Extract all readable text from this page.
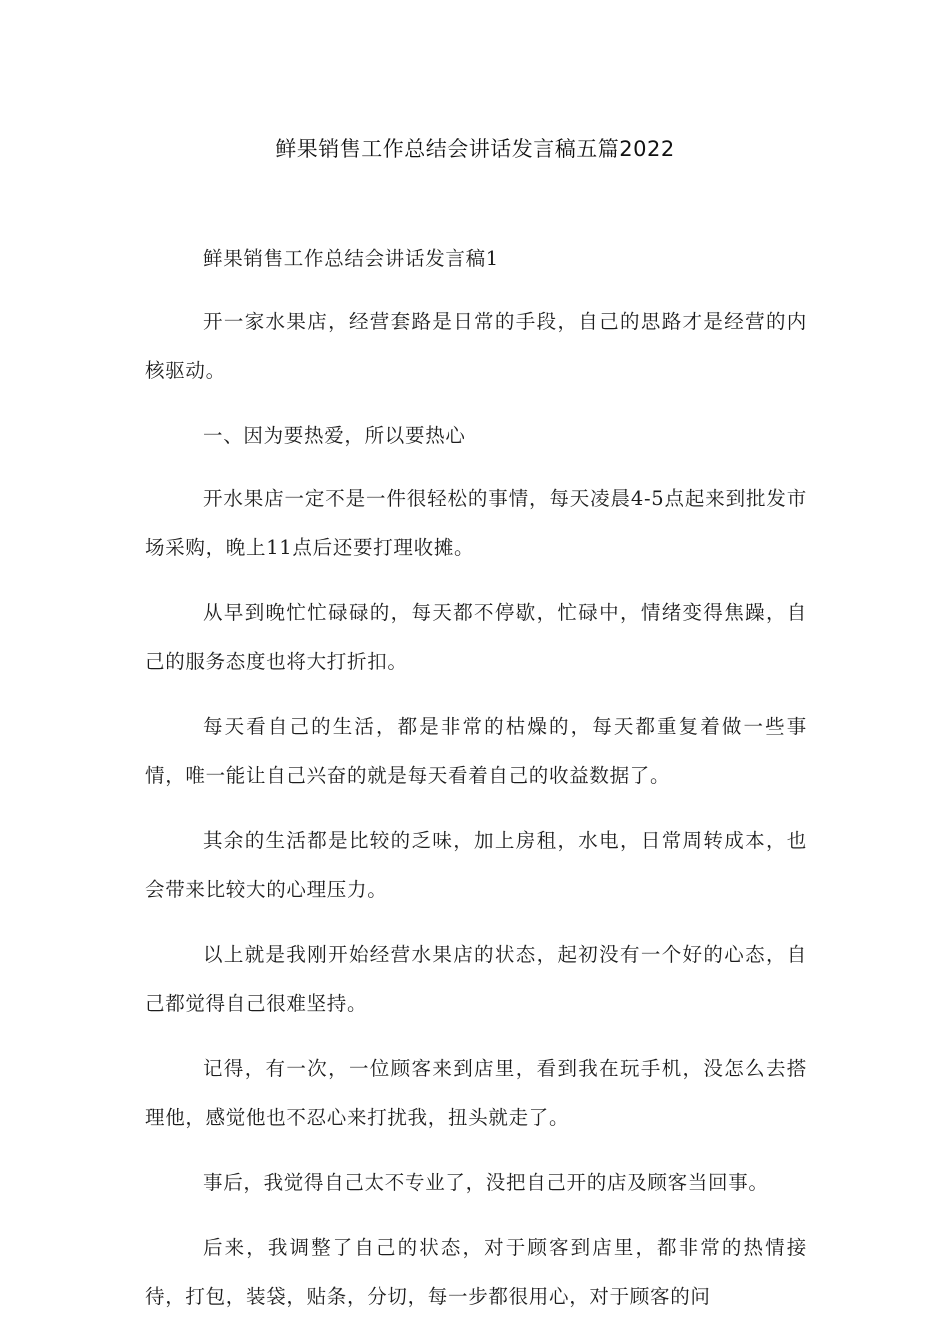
鲜果销售工作总结会讲话发言稿五篇2022

鲜果销售工作总结会讲话发言稿1

开一家水果店，经营套路是日常的手段，自己的思路才是经营的内核驱动。

一、因为要热爱，所以要热心

开水果店一定不是一件很轻松的事情，每天凌晨4-5点起来到批发市场采购，晚上11点后还要打理收摊。

从早到晚忙忙碌碌的，每天都不停歇，忙碌中，情绪变得焦躁，自己的服务态度也将大打折扣。

每天看自己的生活，都是非常的枯燥的，每天都重复着做一些事情，唯一能让自己兴奋的就是每天看着自己的收益数据了。

其余的生活都是比较的乏味，加上房租，水电，日常周转成本，也会带来比较大的心理压力。

以上就是我刚开始经营水果店的状态，起初没有一个好的心态，自己都觉得自己很难坚持。

记得，有一次，一位顾客来到店里，看到我在玩手机，没怎么去搭理他，感觉他也不忍心来打扰我，扭头就走了。

事后，我觉得自己太不专业了，没把自己开的店及顾客当回事。

后来，我调整了自己的状态，对于顾客到店里，都非常的热情接待，打包，装袋，贴条，分切，每一步都很用心，对于顾客的问
